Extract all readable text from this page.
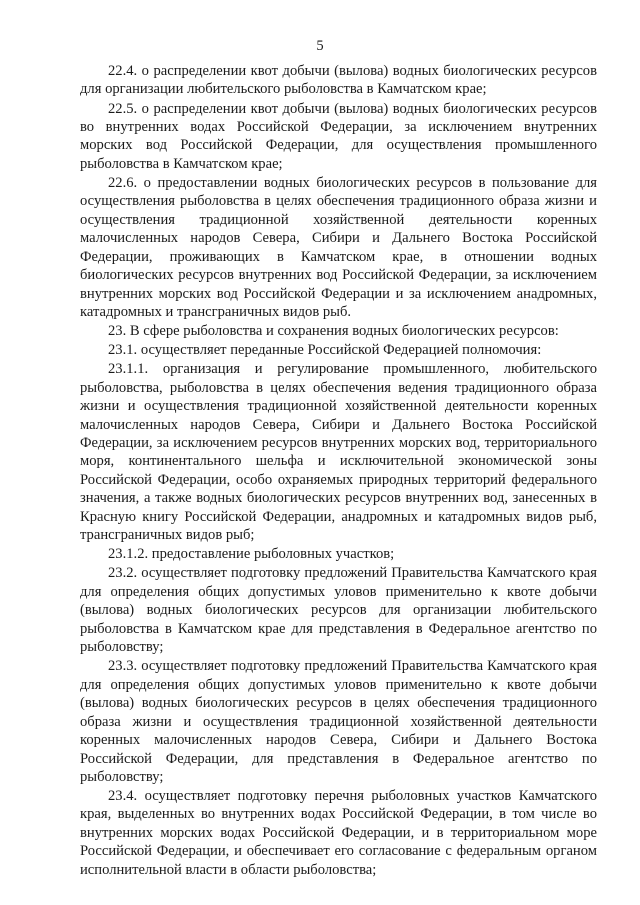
5

22.4. о распределении квот добычи (вылова) водных биологических ресурсов для организации любительского рыболовства в Камчатском крае;

22.5. о распределении квот добычи (вылова) водных биологических ресурсов во внутренних водах Российской Федерации, за исключением внутренних морских вод Российской Федерации, для осуществления промышленного рыболовства в Камчатском крае;

22.6. о предоставлении водных биологических ресурсов в пользование для осуществления рыболовства в целях обеспечения традиционного образа жизни и осуществления традиционной хозяйственной деятельности коренных малочисленных народов Севера, Сибири и Дальнего Востока Российской Федерации, проживающих в Камчатском крае, в отношении водных биологических ресурсов внутренних вод Российской Федерации, за исключением внутренних морских вод Российской Федерации и за исключением анадромных, катадромных и трансграничных видов рыб.

23. В сфере рыболовства и сохранения водных биологических ресурсов:

23.1. осуществляет переданные Российской Федерацией полномочия:

23.1.1. организация и регулирование промышленного, любительского рыболовства, рыболовства в целях обеспечения ведения традиционного образа жизни и осуществления традиционной хозяйственной деятельности коренных малочисленных народов Севера, Сибири и Дальнего Востока Российской Федерации, за исключением ресурсов внутренних морских вод, территориального моря, континентального шельфа и исключительной экономической зоны Российской Федерации, особо охраняемых природных территорий федерального значения, а также водных биологических ресурсов внутренних вод, занесенных в Красную книгу Российской Федерации, анадромных и катадромных видов рыб, трансграничных видов рыб;

23.1.2. предоставление рыболовных участков;

23.2. осуществляет подготовку предложений Правительства Камчатского края для определения общих допустимых уловов применительно к квоте добычи (вылова) водных биологических ресурсов для организации любительского рыболовства в Камчатском крае для представления в Федеральное агентство по рыболовству;

23.3. осуществляет подготовку предложений Правительства Камчатского края для определения общих допустимых уловов применительно к квоте добычи (вылова) водных биологических ресурсов в целях обеспечения традиционного образа жизни и осуществления традиционной хозяйственной деятельности коренных малочисленных народов Севера, Сибири и Дальнего Востока Российской Федерации, для представления в Федеральное агентство по рыболовству;

23.4. осуществляет подготовку перечня рыболовных участков Камчатского края, выделенных во внутренних водах Российской Федерации, в том числе во внутренних морских водах Российской Федерации, и в территориальном море Российской Федерации, и обеспечивает его согласование с федеральным органом исполнительной власти в области рыболовства;
